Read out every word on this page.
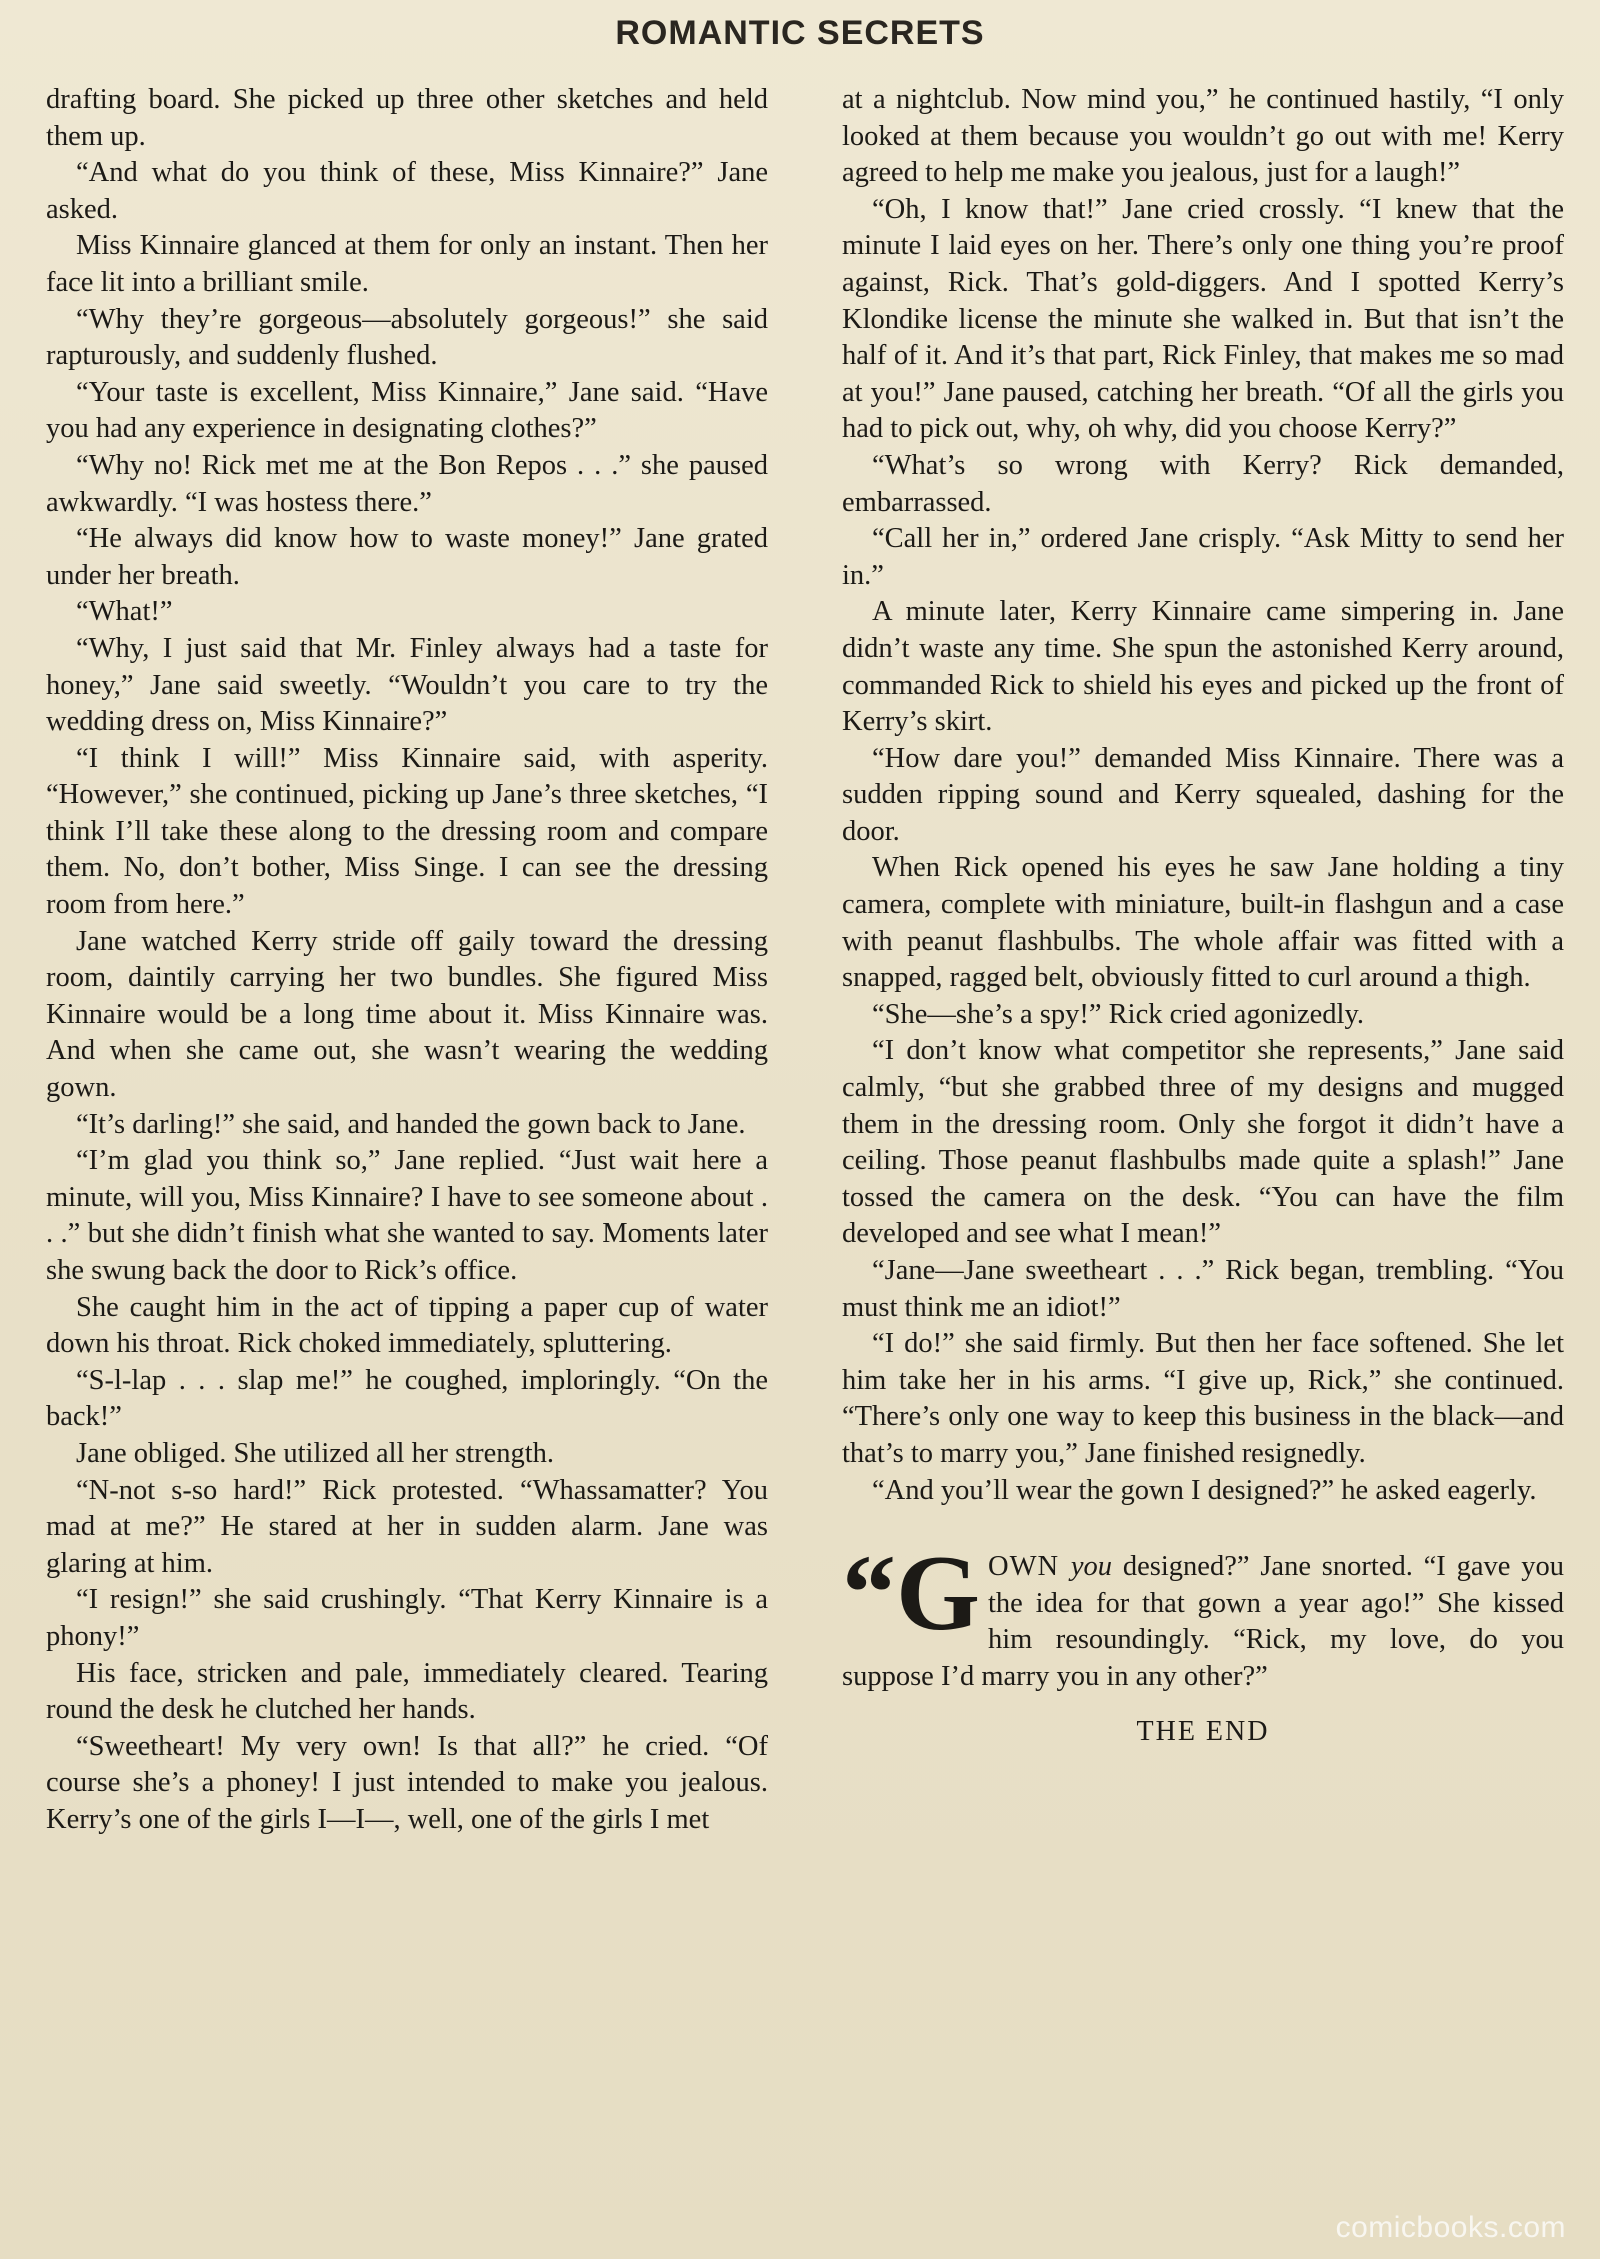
ROMANTIC SECRETS

drafting board. She picked up three other sketches and held them up.

“And what do you think of these, Miss Kinnaire?” Jane asked.

Miss Kinnaire glanced at them for only an instant. Then her face lit into a brilliant smile.

“Why they’re gorgeous—absolutely gorgeous!” she said rapturously, and suddenly flushed.

“Your taste is excellent, Miss Kinnaire,” Jane said. “Have you had any experience in designating clothes?”

“Why no! Rick met me at the Bon Repos . . .” she paused awkwardly. “I was hostess there.”

“He always did know how to waste money!” Jane grated under her breath.

“What!”

“Why, I just said that Mr. Finley always had a taste for honey,” Jane said sweetly. “Wouldn’t you care to try the wedding dress on, Miss Kinnaire?”

“I think I will!” Miss Kinnaire said, with asperity. “However,” she continued, picking up Jane’s three sketches, “I think I’ll take these along to the dressing room and compare them. No, don’t bother, Miss Singe. I can see the dressing room from here.”

Jane watched Kerry stride off gaily toward the dressing room, daintily carrying her two bundles. She figured Miss Kinnaire would be a long time about it. Miss Kinnaire was. And when she came out, she wasn’t wearing the wedding gown.

“It’s darling!” she said, and handed the gown back to Jane.

“I’m glad you think so,” Jane replied. “Just wait here a minute, will you, Miss Kinnaire? I have to see someone about . . .” but she didn’t finish what she wanted to say. Moments later she swung back the door to Rick’s office.

She caught him in the act of tipping a paper cup of water down his throat. Rick choked immediately, spluttering.

“S-l-lap . . . slap me!” he coughed, imploringly. “On the back!”

Jane obliged. She utilized all her strength.

“N-not s-so hard!” Rick protested. “Whassamatter? You mad at me?” He stared at her in sudden alarm. Jane was glaring at him.

“I resign!” she said crushingly. “That Kerry Kinnaire is a phony!”

His face, stricken and pale, immediately cleared. Tearing round the desk he clutched her hands.

“Sweetheart! My very own! Is that all?” he cried. “Of course she’s a phoney! I just intended to make you jealous. Kerry’s one of the girls I—I—, well, one of the girls I met

at a nightclub. Now mind you,” he continued hastily, “I only looked at them because you wouldn’t go out with me! Kerry agreed to help me make you jealous, just for a laugh!”

“Oh, I know that!” Jane cried crossly. “I knew that the minute I laid eyes on her. There’s only one thing you’re proof against, Rick. That’s gold-diggers. And I spotted Kerry’s Klondike license the minute she walked in. But that isn’t the half of it. And it’s that part, Rick Finley, that makes me so mad at you!” Jane paused, catching her breath. “Of all the girls you had to pick out, why, oh why, did you choose Kerry?”

“What’s so wrong with Kerry? Rick demanded, embarrassed.

“Call her in,” ordered Jane crisply. “Ask Mitty to send her in.”

A minute later, Kerry Kinnaire came simpering in. Jane didn’t waste any time. She spun the astonished Kerry around, commanded Rick to shield his eyes and picked up the front of Kerry’s skirt.

“How dare you!” demanded Miss Kinnaire. There was a sudden ripping sound and Kerry squealed, dashing for the door.

When Rick opened his eyes he saw Jane holding a tiny camera, complete with miniature, built-in flashgun and a case with peanut flashbulbs. The whole affair was fitted with a snapped, ragged belt, obviously fitted to curl around a thigh.

“She—she’s a spy!” Rick cried agonizedly.

“I don’t know what competitor she represents,” Jane said calmly, “but she grabbed three of my designs and mugged them in the dressing room. Only she forgot it didn’t have a ceiling. Those peanut flashbulbs made quite a splash!” Jane tossed the camera on the desk. “You can have the film developed and see what I mean!”

“Jane—Jane sweetheart . . .” Rick began, trembling. “You must think me an idiot!”

“I do!” she said firmly. But then her face softened. She let him take her in his arms. “I give up, Rick,” she continued. “There’s only one way to keep this business in the black—and that’s to marry you,” Jane finished resignedly.

“And you’ll wear the gown I designed?” he asked eagerly.

“G OWN you designed?” Jane snorted. “I gave you the idea for that gown a year ago!” She kissed him resoundingly. “Rick, my love, do you suppose I’d marry you in any other?”

THE END
comicbooks.com
